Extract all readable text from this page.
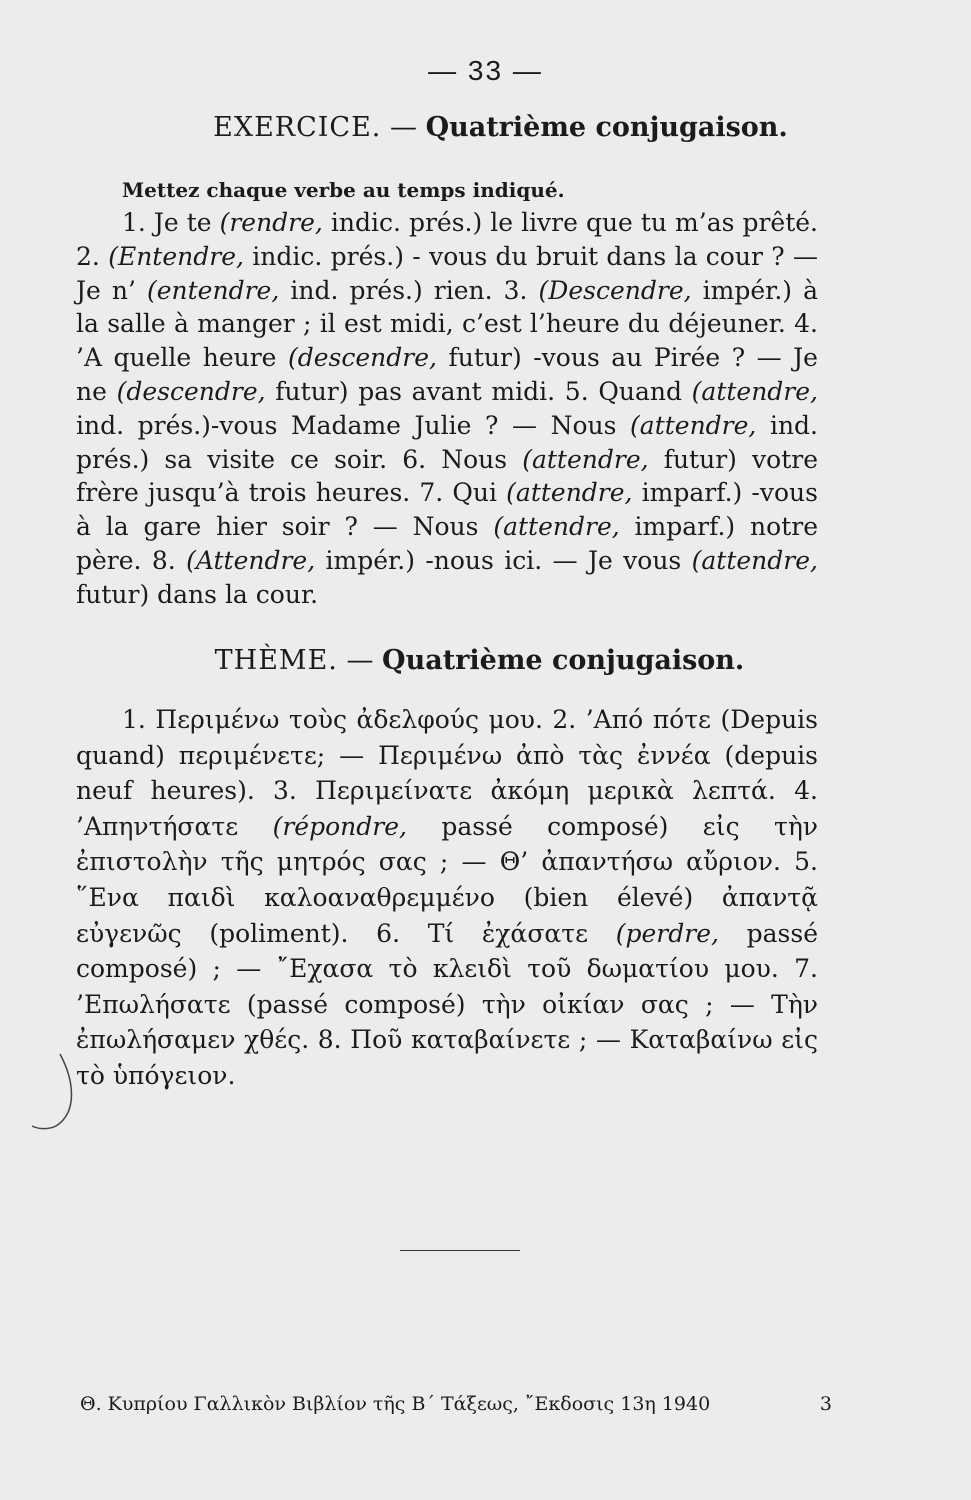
— 33 —
EXERCICE. — Quatrième conjugaison.
Mettez chaque verbe au temps indiqué.
1. Je te (rendre, indic. prés.) le livre que tu m’as prêté. 2. (Entendre, indic. prés.) - vous du bruit dans la cour ? — Je n’ (entendre, ind. prés.) rien. 3. (Descendre, impér.) à la salle à manger ; il est midi, c’est l’heure du déjeuner. 4. ’A quelle heure (descendre, futur) -vous au Pirée ? — Je ne (descendre, futur) pas avant midi. 5. Quand (attendre, ind. prés.)-vous Madame Julie ? — Nous (attendre, ind. prés.) sa visite ce soir. 6. Nous (attendre, futur) votre frère jusqu’à trois heures. 7. Qui (attendre, imparf.) -vous à la gare hier soir ? — Nous (attendre, imparf.) notre père. 8. (Attendre, impér.) -nous ici. — Je vous (attendre, futur) dans la cour.
THÈME. — Quatrième conjugaison.
1. Περιμένω τοὺς ἀδελφούς μου. 2. ’Από πότε (Depuis quand) περιμένετε; — Περιμένω ἀπὸ τὰς ἐννέα (depuis neuf heures). 3. Περιμείνατε ἀκόμη μερικὰ λεπτά. 4. ’Απηντήσατε (répondre, passé composé) εἰς τὴν ἐπιστολὴν τῆς μητρός σας ; — Θ’ ἀπαντήσω αὔριον. 5. ῞Ενα παιδὶ καλοαναθρεμμένο (bien élevé) ἀπαντᾷ εὐγενῶς (poliment). 6. Τί ἐχάσατε (perdre, passé composé) ; — ῎Εχασα τὸ κλειδὶ τοῦ δωματίου μου. 7. ’Επωλήσατε (passé composé) τὴν οἰκίαν σας ; — Τὴν ἐπωλήσαμεν χθές. 8. Ποῦ καταβαίνετε ; — Καταβαίνω εἰς τὸ ὑπόγειον.
Θ. Κυπρίου Γαλλικὸν Βιβλίον τῆς Β΄ Τάξεως, ῎Εκδοσις 13η 1940	3
